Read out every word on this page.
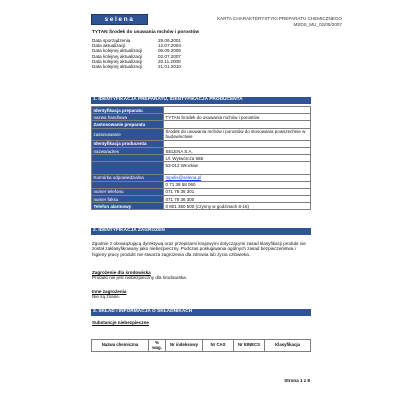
selena	KARTA CHARAKTERYSTYKI PREPARATU CHEMICZNEGO
MSDS_MU_02/05/2007
TYTAN Środek do usuwania mchów i porostów
Data sporządzenia	29.06.2001
Data aktualizacji	12.07.2004
Data kolejnej aktualizacji	06.09.2006
Data kolejnej aktualizacji	02.07.2007
Data kolejnej aktualizacji	20.11.2008
Data kolejnej aktualizacji	21.01.2010
1. IDENTYFIKACJA PREPARATU, IDENTYFIKACJA PRODUCENTA
Identyfikacja preparatu	
nazwa handlowa	TYTAN Środek do usuwania mchów i porostów
Zastosowanie preparatu	
zastosowanie	Środek do usuwania mchów i porostów do stosowania powszechnie w budownictwie
Identyfikacja producenta	
nazwa/adres	SELENA S.A.
	Ul. Wytwórcza 56E
	53-012 Wrocław
Komórka odpowiedzialna	mpolis@selena.pl
	0 71 38 58 060
numer telefonu	071 78 36 301
numer faksu	071 78 36 300
Telefon alarmowy	0 801 350 500 (czynny w godzinach 8-16)
2. IDENTYFIKACJA ZAGROŻEŃ
Zgodnie z obowiązującą dyrektywą oraz przepisami krajowymi dotyczącymi zasad klasyfikacji produkt nie został zaklasyfikowany jako niebezpieczny. Podczas posługiwania ogólnych zasad bezpieczeństwa i higieny pracy produkt nie stwarza zagrożenia dla zdrowia lub życia człowieka.
Zagrożenie dla środowiska
Produkt nie jest niebezpieczny dla środowiska.
Inne zagrożenia
Nie są znane.
3. SKŁAD I INFORMACJA O SKŁADNIKACH
Substancje niebezpieczne
Nazwa chemiczna	% wag.	Nr indeksowy	Nr CAS	Nr EINECS	Klasyfikacja
Strona 1 z 8
